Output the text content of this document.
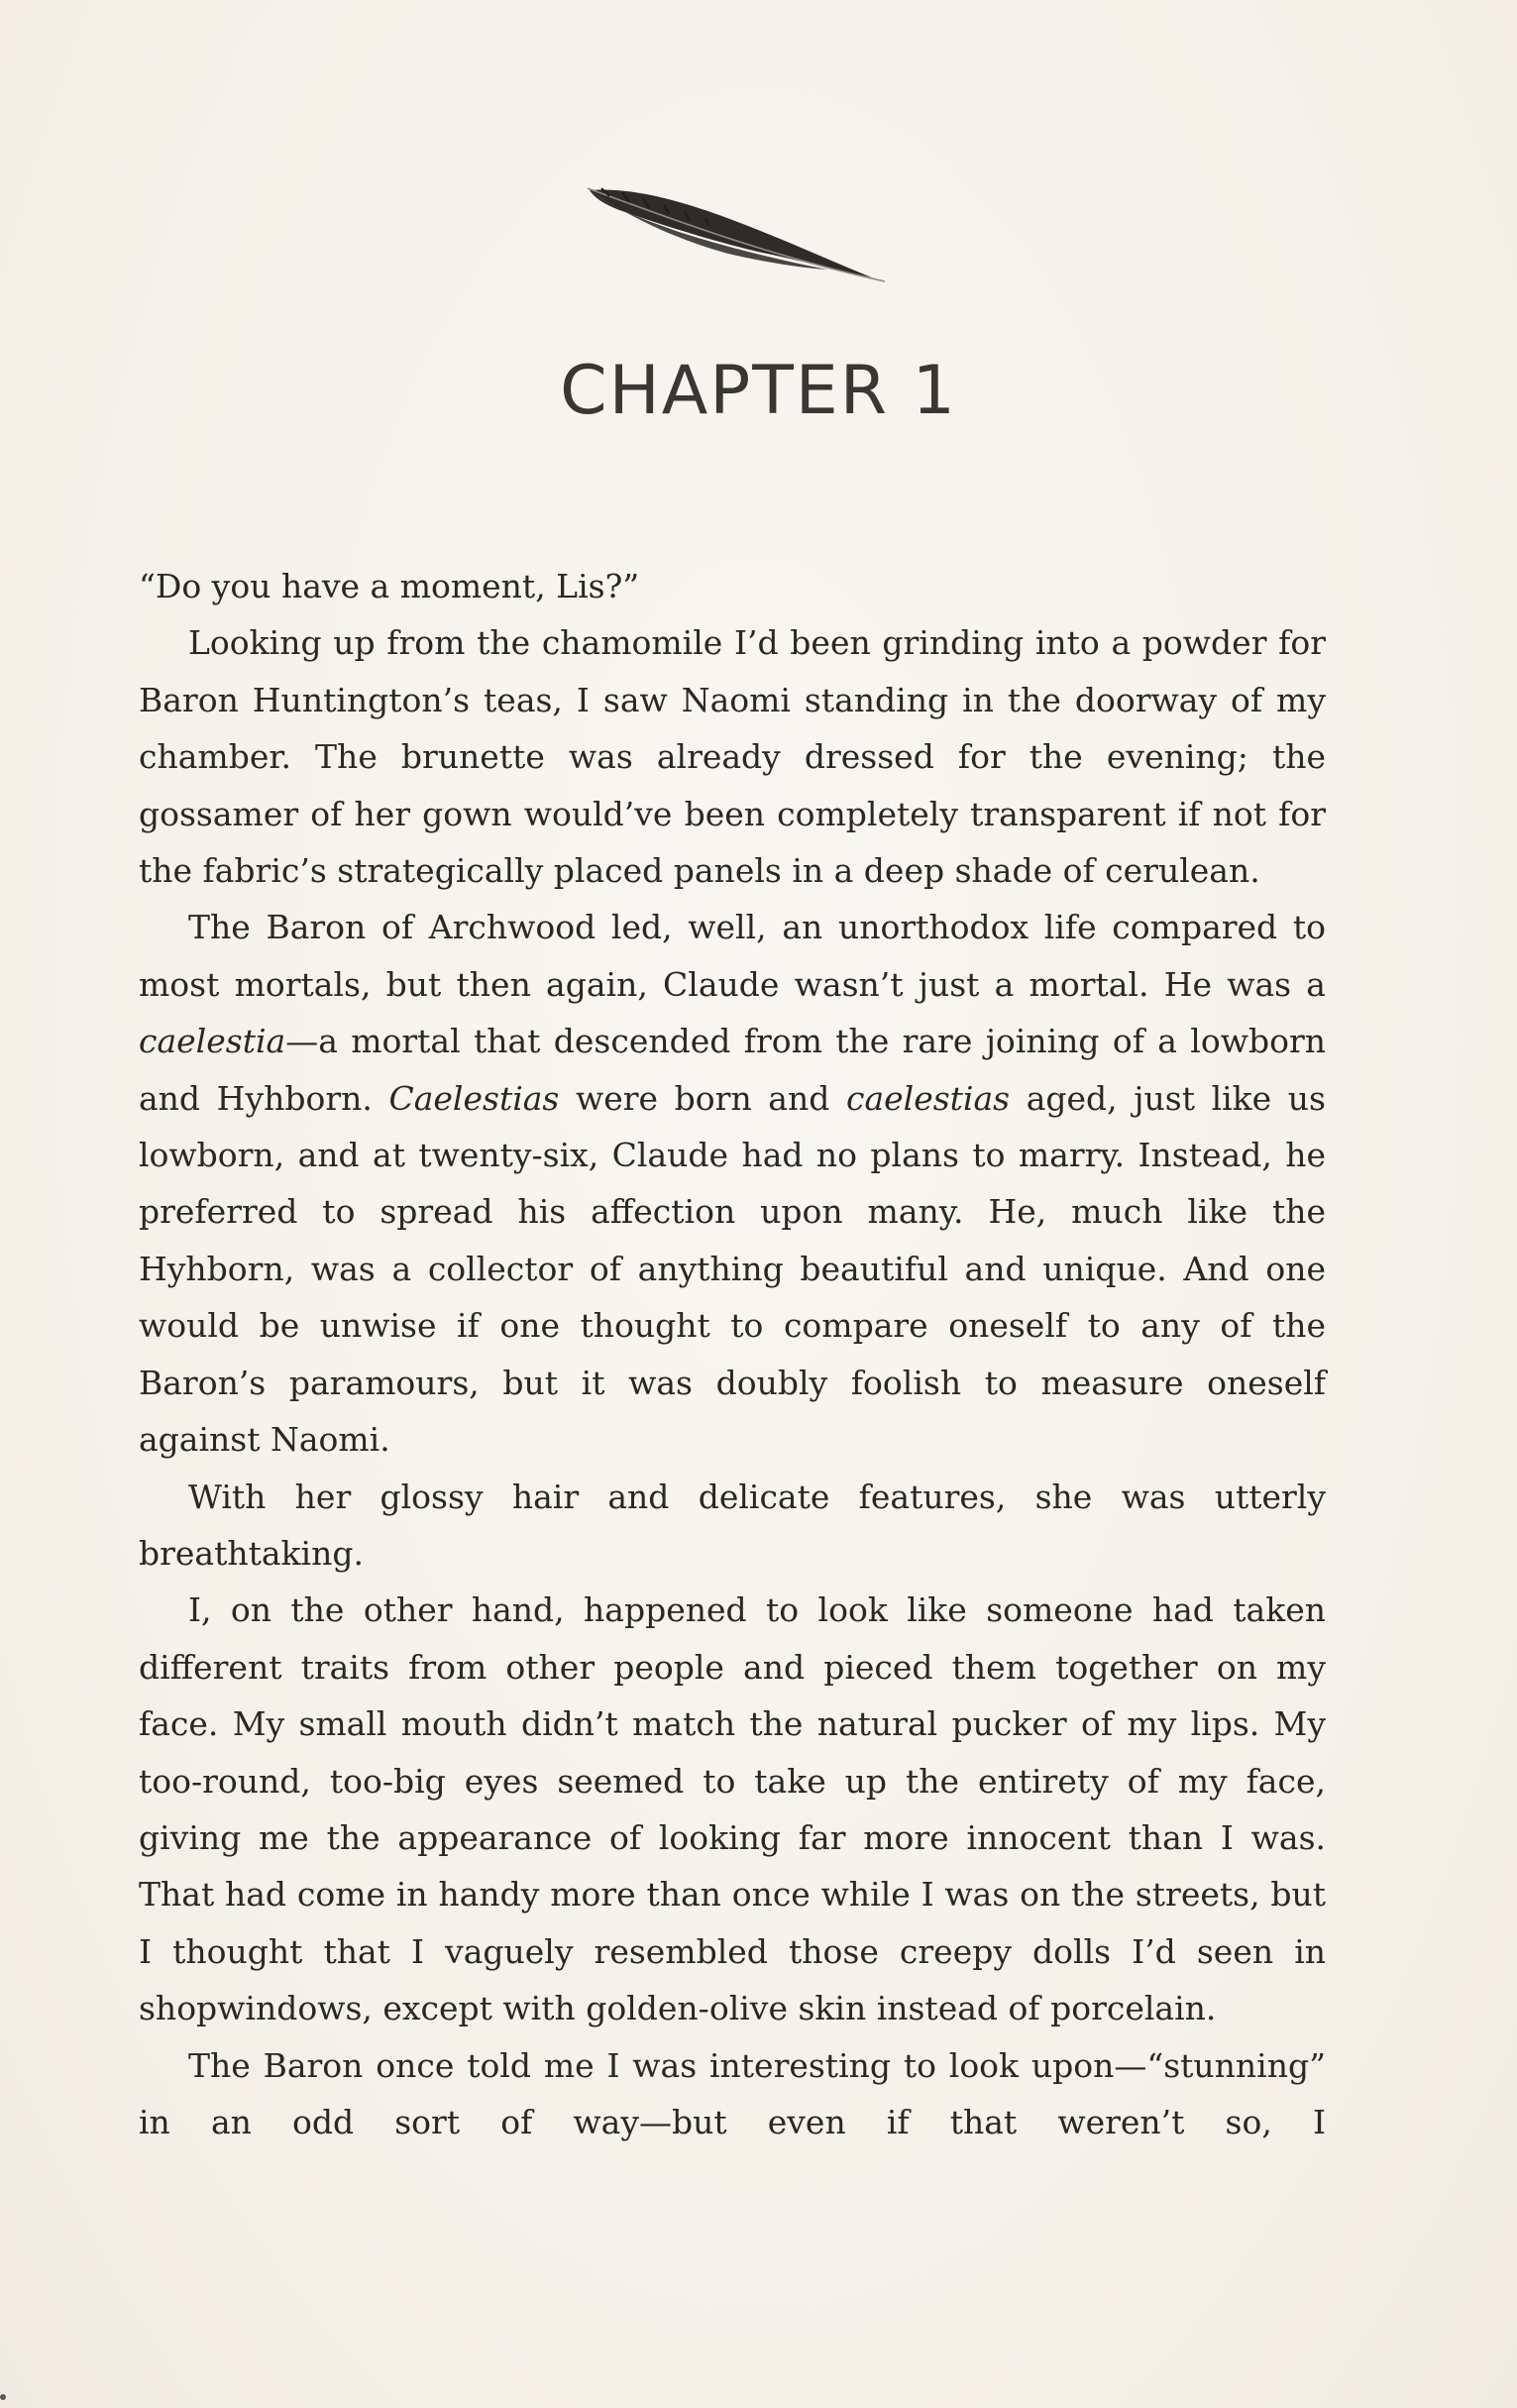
CHAPTER 1

“Do you have a moment, Lis?”

Looking up from the chamomile I’d been grinding into a powder for Baron Huntington’s teas, I saw Naomi standing in the doorway of my chamber. The brunette was already dressed for the evening; the gossamer of her gown would’ve been completely transparent if not for the fabric’s strategically placed panels in a deep shade of cerulean.

The Baron of Archwood led, well, an unorthodox life compared to most mortals, but then again, Claude wasn’t just a mortal. He was a caelestia—a mortal that descended from the rare joining of a lowborn and Hyhborn. Caelestias were born and caelestias aged, just like us lowborn, and at twenty-six, Claude had no plans to marry. Instead, he preferred to spread his affection upon many. He, much like the Hyhborn, was a collector of anything beautiful and unique. And one would be unwise if one thought to compare oneself to any of the Baron’s paramours, but it was doubly foolish to measure oneself against Naomi.

With her glossy hair and delicate features, she was utterly breathtaking.

I, on the other hand, happened to look like someone had taken different traits from other people and pieced them together on my face. My small mouth didn’t match the natural pucker of my lips. My too-round, too-big eyes seemed to take up the entirety of my face, giving me the appearance of looking far more innocent than I was. That had come in handy more than once while I was on the streets, but I thought that I vaguely resembled those creepy dolls I’d seen in shopwindows, except with golden-olive skin instead of porcelain.

The Baron once told me I was interesting to look upon—“stunning” in an odd sort of way—but even if that weren’t so, I
